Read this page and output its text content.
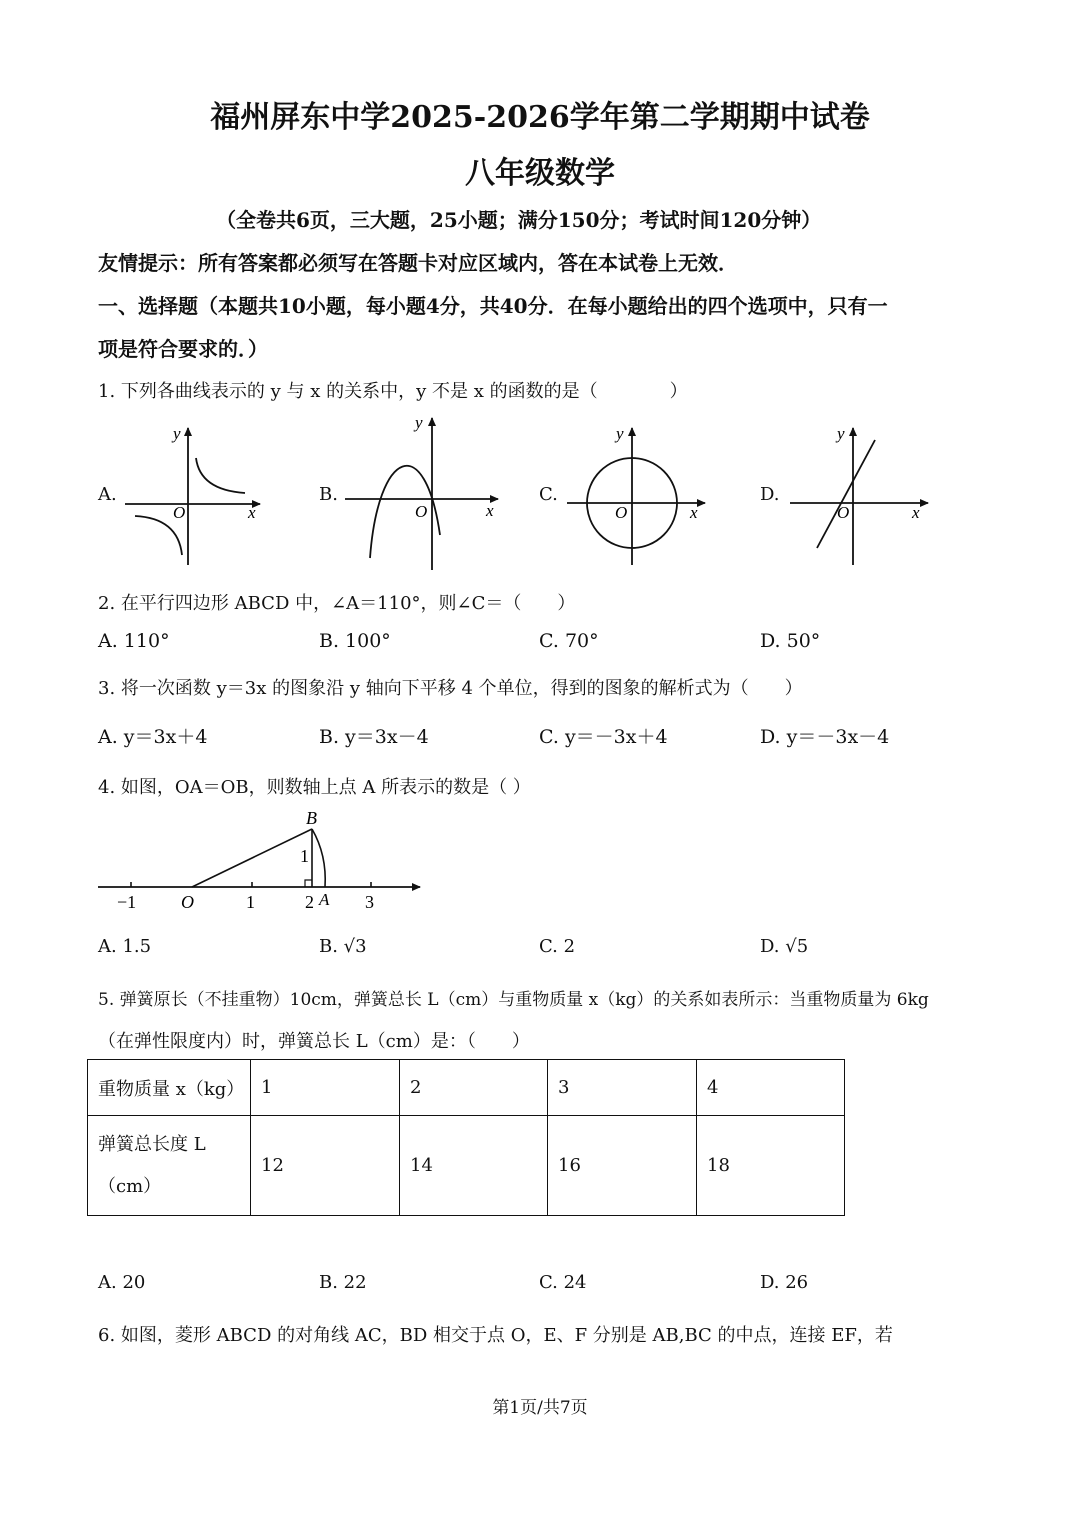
福州屏东中学2025-2026学年第二学期期中试卷
八年级数学
（全卷共6页，三大题，25小题；满分150分；考试时间120分钟）
友情提示：所有答案都必须写在答题卡对应区域内，答在本试卷上无效．
一、选择题（本题共10小题，每小题4分，共40分．在每小题给出的四个选项中，只有一
项是符合要求的．）
1. 下列各曲线表示的 y 与 x 的关系中，y 不是 x 的函数的是（　　　　）
A.
y
x
O
B.
y
x
O
C.
y
x
O
D.
y
x
O
2. 在平行四边形 ABCD 中，∠A＝110°，则∠C＝（　　）
A. 110°	B. 100°	C. 70°	D. 50°
3. 将一次函数 y＝3x 的图象沿 y 轴向下平移 4 个单位，得到的图象的解析式为（　　）
A. y＝3x＋4	B. y＝3x－4	C. y＝－3x＋4	D. y＝－3x－4
4. 如图，OA＝OB，则数轴上点 A 所表示的数是（ ）
−1 O	1	2 A 3
B
1
A. 1.5	B. √3	C. 2	D. √5
5. 弹簧原长（不挂重物）10cm，弹簧总长 L（cm）与重物质量 x（kg）的关系如表所示：当重物质量为 6kg
（在弹性限度内）时，弹簧总长 L（cm）是：（　　）
重物质量 x（kg）	1	2	3	4

弹簧总长度 L
（cm）	12	14	16	18
A. 20	B. 22	C. 24	D. 26
6. 如图，菱形 ABCD 的对角线 AC，BD 相交于点 O，E、F 分别是 AB,BC 的中点，连接 EF，若
第1页/共7页
